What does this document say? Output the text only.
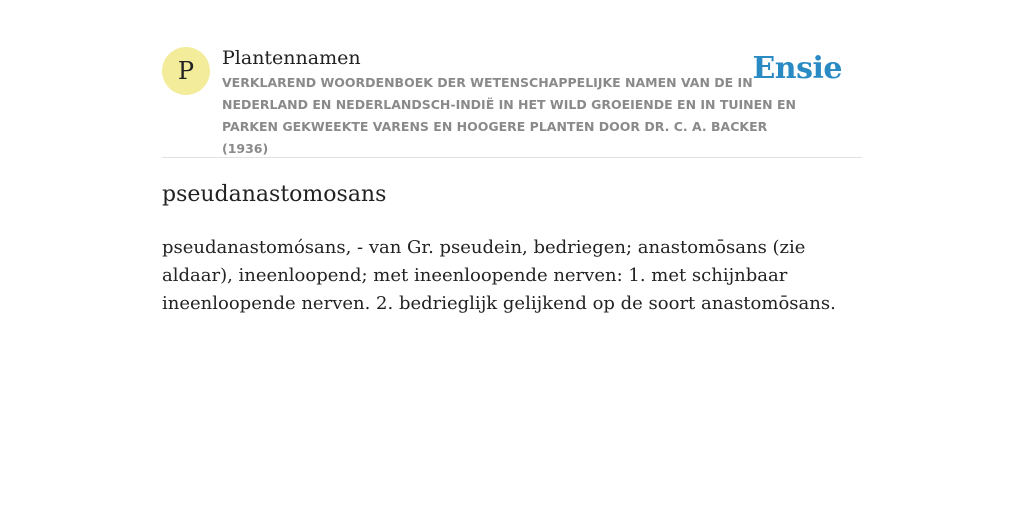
P	Plantennamen
VERKLAREND WOORDENBOEK DER WETENSCHAPPELIJKE NAMEN VAN DE IN NEDERLAND EN NEDERLANDSCH-INDIË IN HET WILD GROEIENDE EN IN TUINEN EN PARKEN GEKWEEKTE VARENS EN HOOGERE PLANTEN DOOR DR. C. A. BACKER (1936)
Ensie
pseudanastomosans

pseudanastomósans, - van Gr. pseudein, bedriegen; anastomōsans (zie aldaar), ineenloopend; met ineenloopende nerven: 1. met schijnbaar ineenloopende nerven. 2. bedrieglijk gelijkend op de soort anastomōsans.
